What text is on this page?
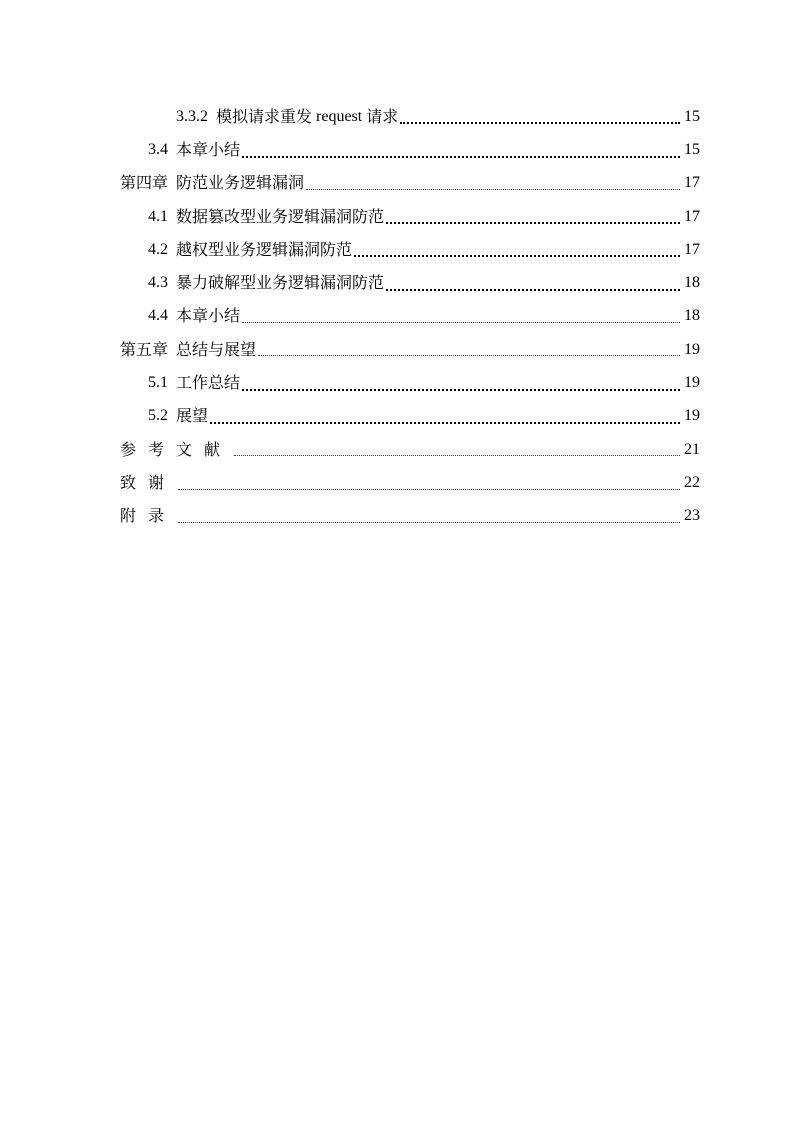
3.3.2 模拟请求重发 request 请求	15
3.4 本章小结	15
第四章 防范业务逻辑漏洞	17
4.1 数据篡改型业务逻辑漏洞防范	17
4.2 越权型业务逻辑漏洞防范	17
4.3 暴力破解型业务逻辑漏洞防范	18
4.4 本章小结	18
第五章 总结与展望	19
5.1 工作总结	19
5.2 展望	19
参考文献	21
致谢	22
附录	23
